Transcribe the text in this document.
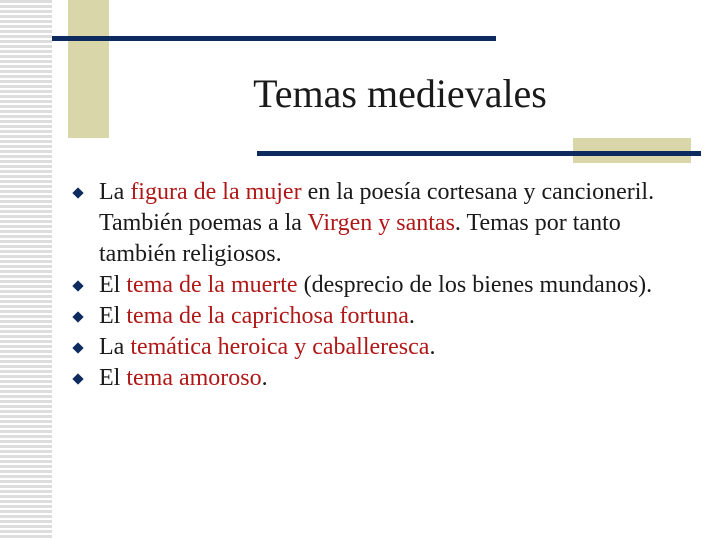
Temas medievales
La figura de la mujer en la poesía cortesana y cancioneril. También poemas a la Virgen y santas. Temas por tanto también religiosos.
El tema de la muerte (desprecio de los bienes mundanos).
El tema de la caprichosa fortuna.
La temática heroica y caballeresca.
El tema amoroso.
